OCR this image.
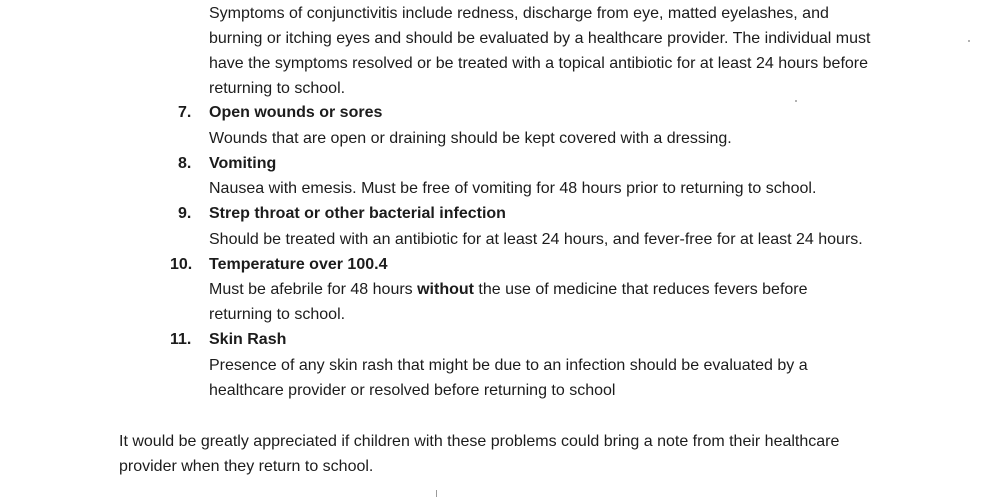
Symptoms of conjunctivitis include redness, discharge from eye, matted eyelashes, and
burning or itching eyes and should be evaluated by a healthcare provider. The individual must
have the symptoms resolved or be treated with a topical antibiotic for at least 24 hours before
returning to school.
7. Open wounds or sores
Wounds that are open or draining should be kept covered with a dressing.
8. Vomiting
Nausea with emesis. Must be free of vomiting for 48 hours prior to returning to school.
9. Strep throat or other bacterial infection
Should be treated with an antibiotic for at least 24 hours, and fever-free for at least 24 hours.
10. Temperature over 100.4
Must be afebrile for 48 hours without the use of medicine that reduces fevers before
returning to school.
11. Skin Rash
Presence of any skin rash that might be due to an infection should be evaluated by a
healthcare provider or resolved before returning to school
It would be greatly appreciated if children with these problems could bring a note from their healthcare
provider when they return to school.
